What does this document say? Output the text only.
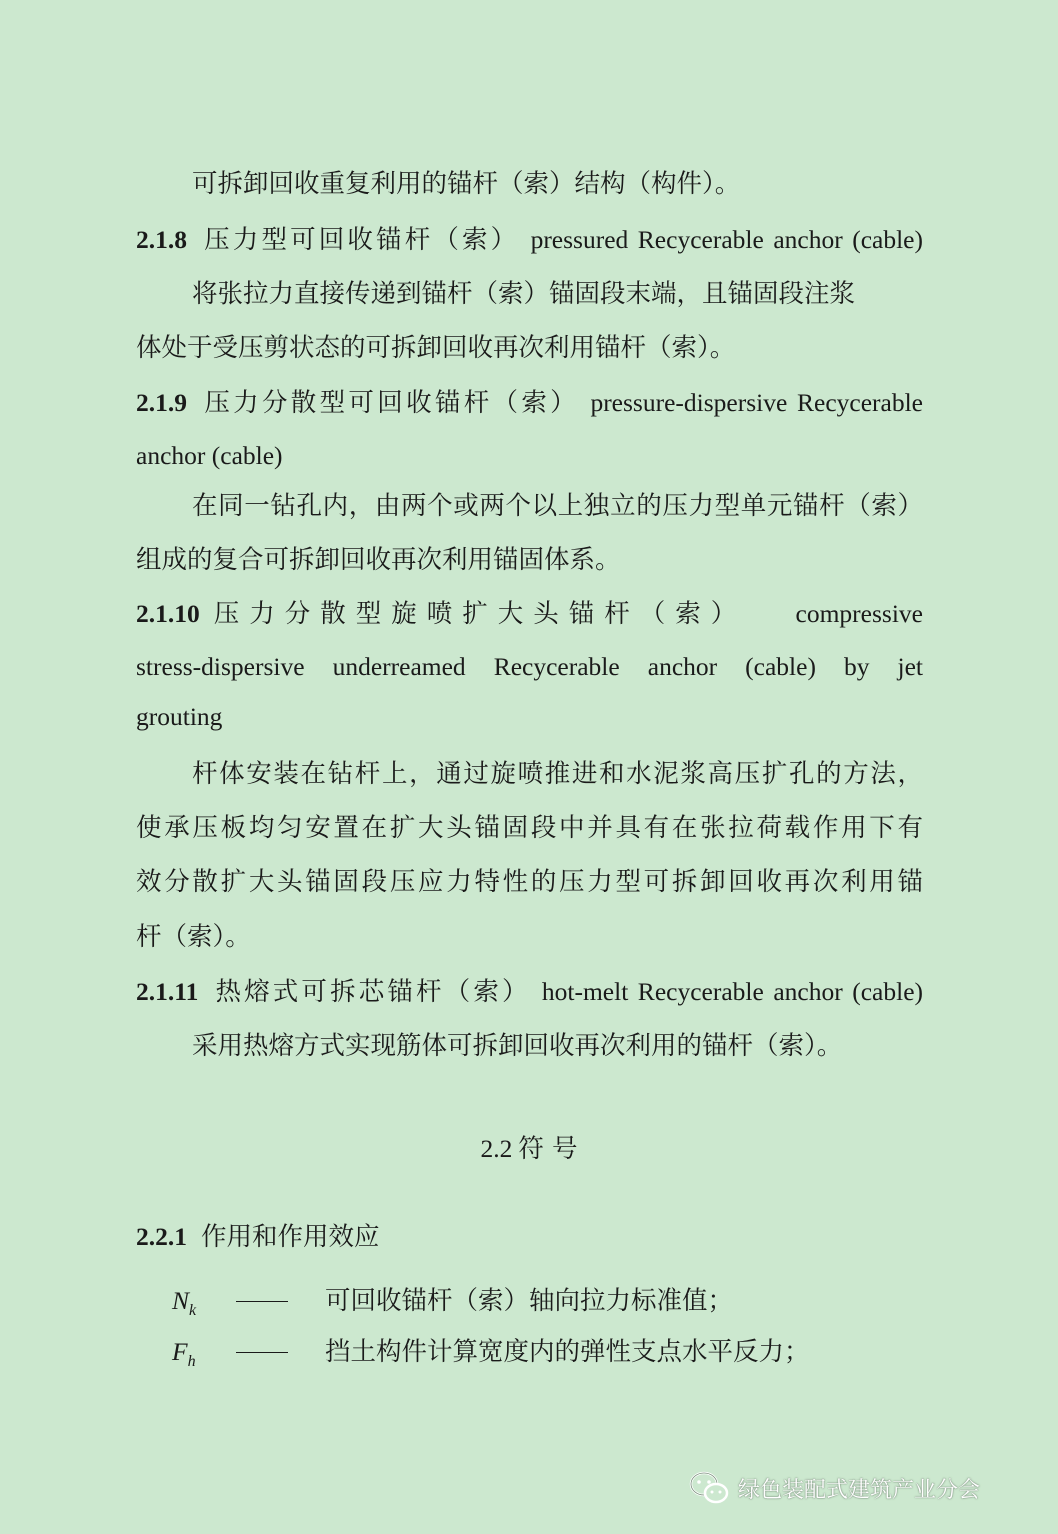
可拆卸回收重复利用的锚杆（索）结构（构件）。
2.1.8 压力型可回收锚杆（索） pressured Recycerable anchor (cable)
将张拉力直接传递到锚杆（索）锚固段末端，且锚固段注浆
体处于受压剪状态的可拆卸回收再次利用锚杆（索）。
2.1.9 压力分散型可回收锚杆（索） pressure-dispersive Recycerable
anchor (cable)
在同一钻孔内，由两个或两个以上独立的压力型单元锚杆（索）
组成的复合可拆卸回收再次利用锚固体系。
2.1.10 压力分散型旋喷扩大头锚杆（索） compressive
stress-dispersive underreamed Recycerable anchor (cable) by jet
grouting
杆体安装在钻杆上，通过旋喷推进和水泥浆高压扩孔的方法，
使承压板均匀安置在扩大头锚固段中并具有在张拉荷载作用下有
效分散扩大头锚固段压应力特性的压力型可拆卸回收再次利用锚
杆（索）。
2.1.11 热熔式可拆芯锚杆（索） hot-melt Recycerable anchor (cable)
采用热熔方式实现筋体可拆卸回收再次利用的锚杆（索）。
2.2 符 号
2.2.1 作用和作用效应
$N_k$	可回收锚杆（索）轴向拉力标准值；
$F_h$	挡土构件计算宽度内的弹性支点水平反力；
绿色装配式建筑产业分会
